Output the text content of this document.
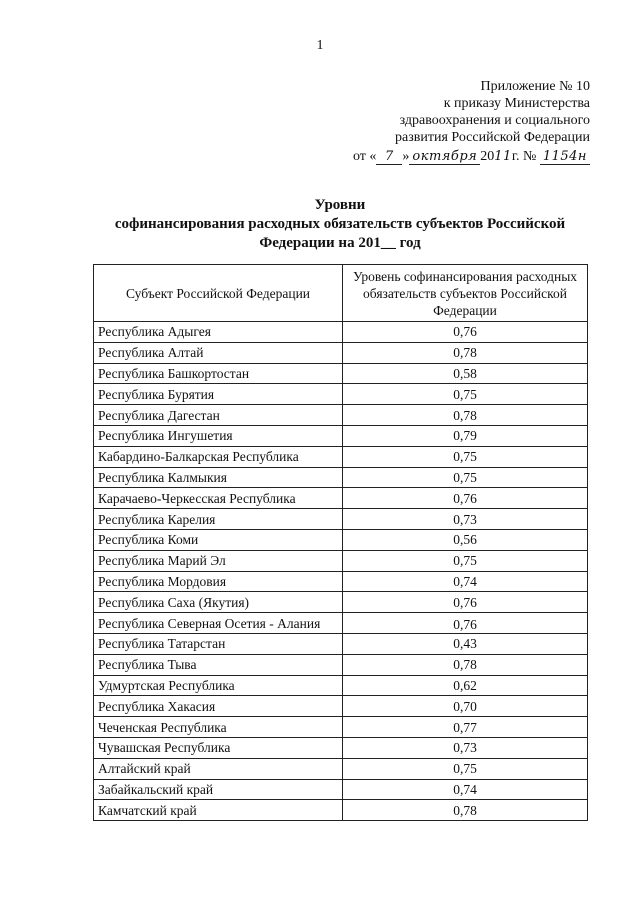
1
Приложение № 10
к приказу Министерства
здравоохранения и социального
развития Российской Федерации
от « 7 » октября 2011г. № 1154н
Уровни
софинансирования расходных обязательств субъектов Российской
Федерации на 201__ год
Субъект Российской Федерации	Уровень софинансирования расходных обязательств субъектов Российской Федерации
Республика Адыгея	0,76
Республика Алтай	0,78
Республика Башкортостан	0,58
Республика Бурятия	0,75
Республика Дагестан	0,78
Республика Ингушетия	0,79
Кабардино-Балкарская Республика	0,75
Республика Калмыкия	0,75
Карачаево-Черкесская Республика	0,76
Республика Карелия	0,73
Республика Коми	0,56
Республика Марий Эл	0,75
Республика Мордовия	0,74
Республика Саха (Якутия)	0,76
Республика Северная Осетия - Алания	0,76
Республика Татарстан	0,43
Республика Тыва	0,78
Удмуртская Республика	0,62
Республика Хакасия	0,70
Чеченская Республика	0,77
Чувашская Республика	0,73
Алтайский край	0,75
Забайкальский край	0,74
Камчатский край	0,78
